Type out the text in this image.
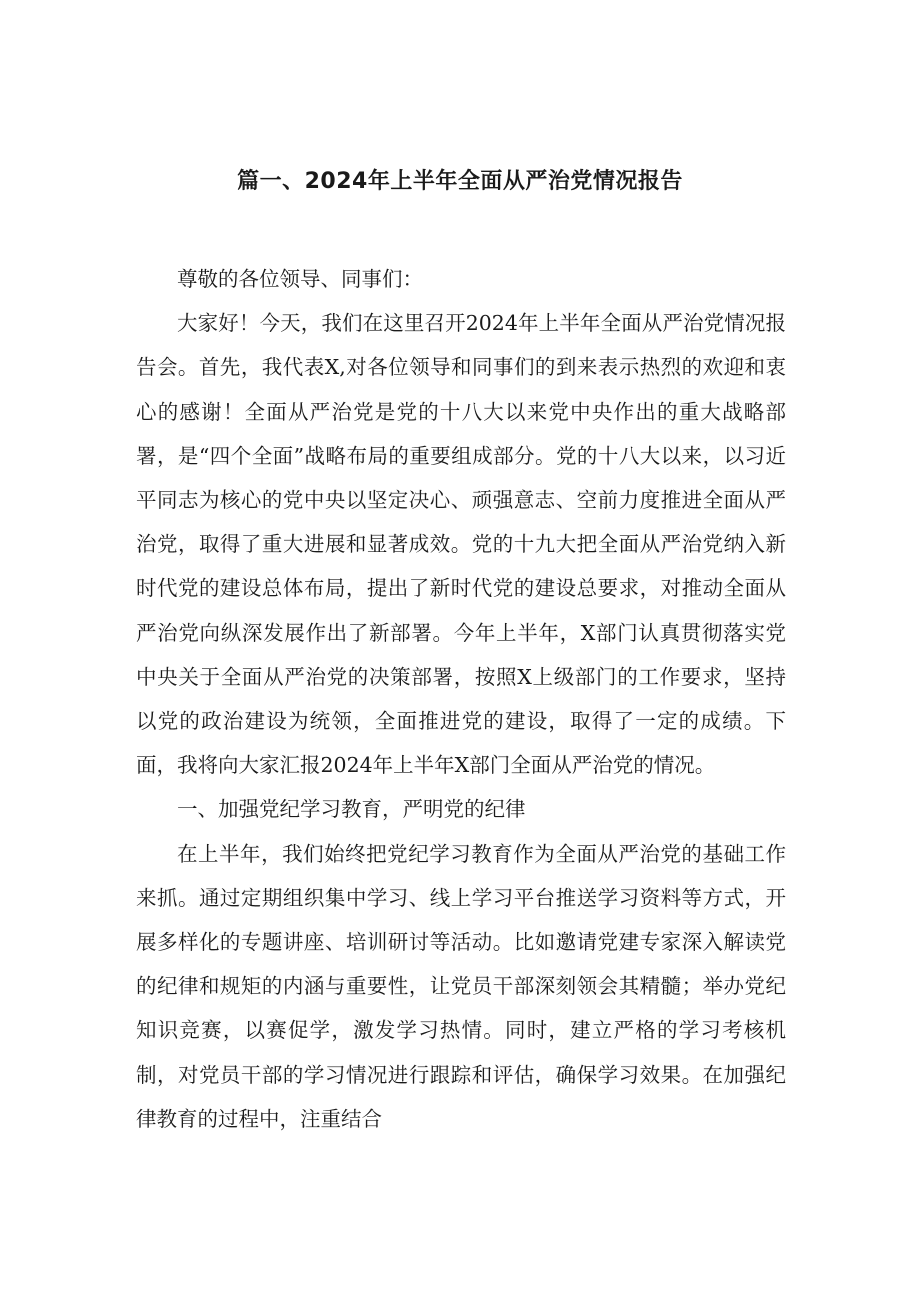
篇一、2024年上半年全面从严治党情况报告

尊敬的各位领导、同事们：

大家好！今天，我们在这里召开2024年上半年全面从严治党情况报告会。首先，我代表X,对各位领导和同事们的到来表示热烈的欢迎和衷心的感谢！全面从严治党是党的十八大以来党中央作出的重大战略部署，是“四个全面”战略布局的重要组成部分。党的十八大以来，以习近平同志为核心的党中央以坚定决心、顽强意志、空前力度推进全面从严治党，取得了重大进展和显著成效。党的十九大把全面从严治党纳入新时代党的建设总体布局，提出了新时代党的建设总要求，对推动全面从严治党向纵深发展作出了新部署。今年上半年，X部门认真贯彻落实党中央关于全面从严治党的决策部署，按照X上级部门的工作要求，坚持以党的政治建设为统领，全面推进党的建设，取得了一定的成绩。下面，我将向大家汇报2024年上半年X部门全面从严治党的情况。

一、加强党纪学习教育，严明党的纪律

在上半年，我们始终把党纪学习教育作为全面从严治党的基础工作来抓。通过定期组织集中学习、线上学习平台推送学习资料等方式，开展多样化的专题讲座、培训研讨等活动。比如邀请党建专家深入解读党的纪律和规矩的内涵与重要性，让党员干部深刻领会其精髓；举办党纪知识竞赛，以赛促学，激发学习热情。同时，建立严格的学习考核机制，对党员干部的学习情况进行跟踪和评估，确保学习效果。在加强纪律教育的过程中，注重结合
